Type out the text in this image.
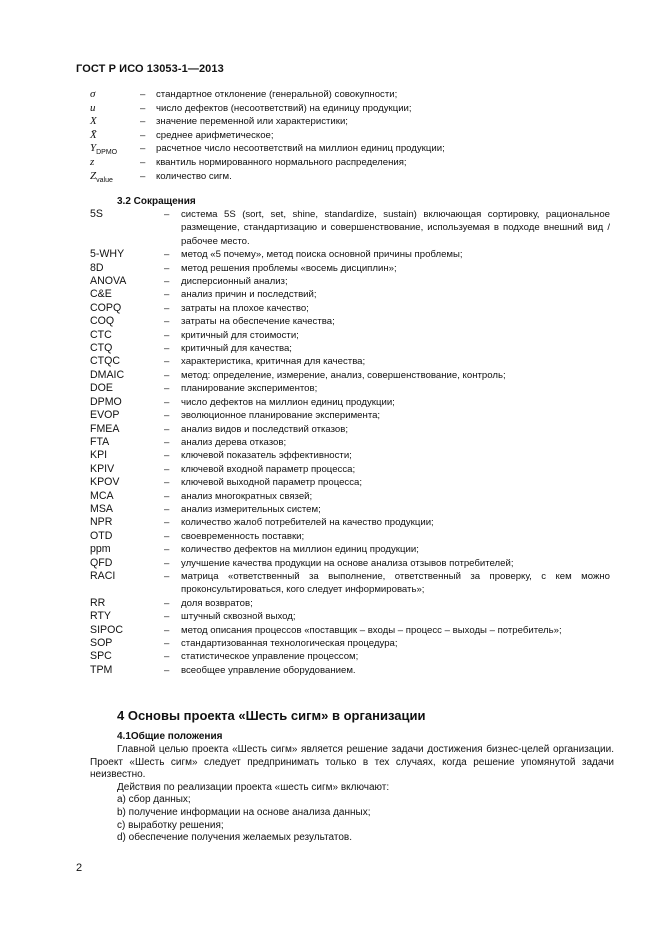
ГОСТ Р ИСО 13053-1—2013
σ	– стандартное отклонение (генеральной) совокупности;
u	– число дефектов (несоответствий) на единицу продукции;
X	– значение переменной или характеристики;
X̄	– среднее арифметическое;
$Y_{DPMO}$ – расчетное число несоответствий на миллион единиц продукции;
z	– квантиль нормированного нормального распределения;
$Z_{value}$	– количество сигм.
3.2 Сокращения
5S	– система 5S (sort, set, shine, standardize, sustain) включающая сортировку, рациональное размещение, стандартизацию и совершенствование, используемая в подходе внешний вид / рабочее место.
5-WHY	– метод «5 почему», метод поиска основной причины проблемы;
8D	– метод решения проблемы «восемь дисциплин»;
ANOVA	– дисперсионный анализ;
C&E	– анализ причин и последствий;
COPQ	– затраты на плохое качество;
COQ	– затраты на обеспечение качества;
CTC	– критичный для стоимости;
CTQ	– критичный для качества;
CTQC	– характеристика, критичная для качества;
DMAIC	– метод: определение, измерение, анализ, совершенствование, контроль;
DOE	– планирование экспериментов;
DPMO	– число дефектов на миллион единиц продукции;
EVOP	– эволюционное планирование эксперимента;
FMEA	– анализ видов и последствий отказов;
FTA	– анализ дерева отказов;
KPI	– ключевой показатель эффективности;
KPIV	– ключевой входной параметр процесса;
KPOV	– ключевой выходной параметр процесса;
MCA	– анализ многократных связей;
MSA	– анализ измерительных систем;
NPR	– количество жалоб потребителей на качество продукции;
OTD	– своевременность поставки;
ppm	– количество дефектов на миллион единиц продукции;
QFD	– улучшение качества продукции на основе анализа отзывов потребителей;
RACI	– матрица «ответственный за выполнение, ответственный за проверку, с кем можно проконсультироваться, кого следует информировать»;
RR	– доля возвратов;
RTY	– штучный сквозной выход;
SIPOC	– метод описания процессов «поставщик – входы – процесс – выходы – потребитель»;
SOP	– стандартизованная технологическая процедура;
SPC	– статистическое управление процессом;
TPM	– всеобщее управление оборудованием.
4 Основы проекта «Шесть сигм» в организации
4.1Общие положения

Главной целью проекта «Шесть сигм» является решение задачи достижения бизнес-целей организации. Проект «Шесть сигм» следует предпринимать только в тех случаях, когда решение упомянутой задачи неизвестно.

Действия по реализации проекта «шесть сигм» включают:

a) сбор данных;
b) получение информации на основе анализа данных;
c) выработку решения;
d) обеспечение получения желаемых результатов.
2
